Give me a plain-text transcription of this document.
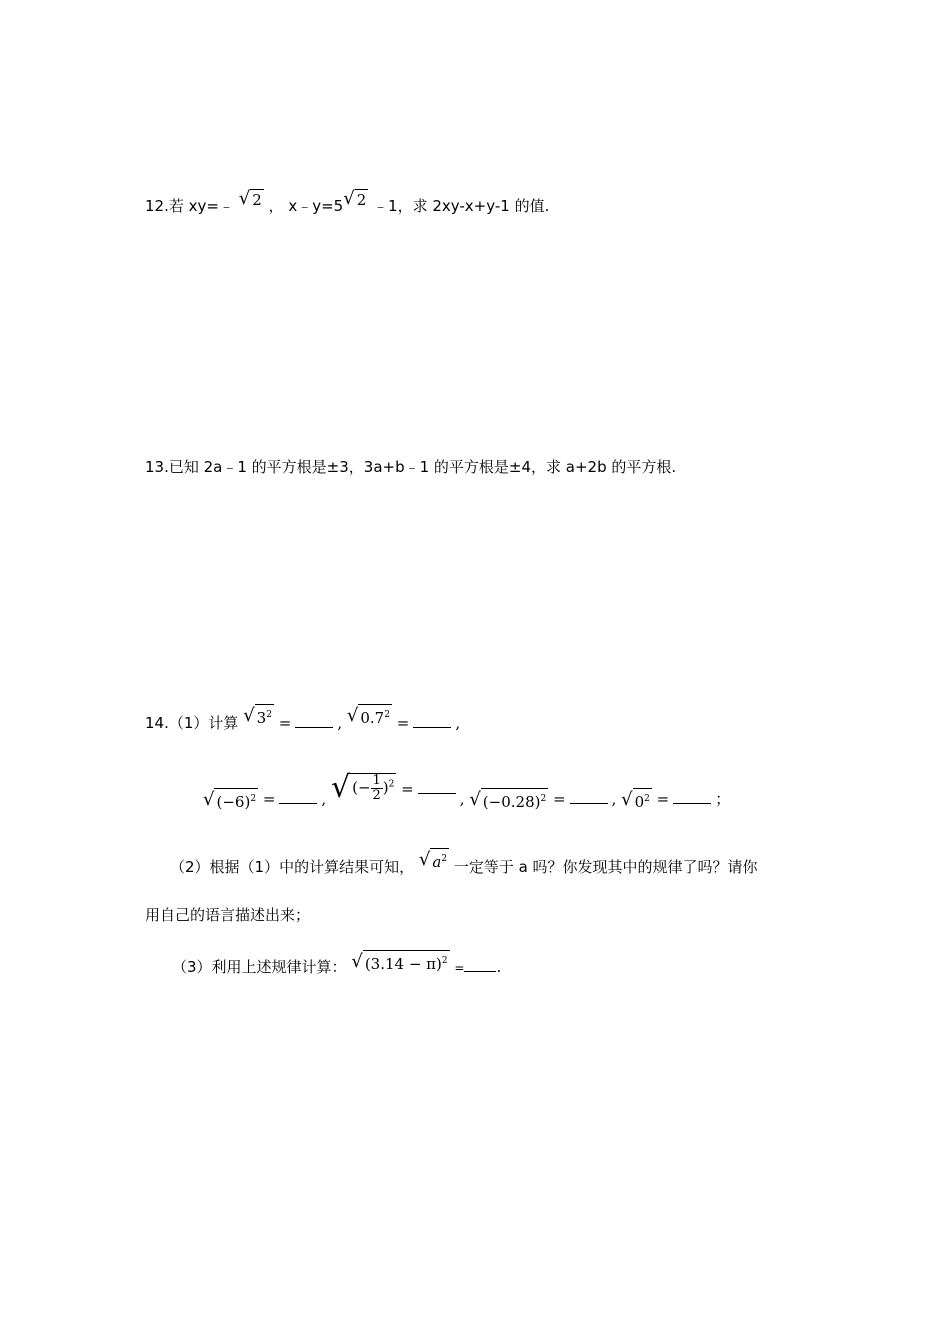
12.若 xy=﹣ √ 2 ， x﹣y=5√ 2 ﹣1，求 2xy-x+y-1 的值.
13.已知 2a﹣1 的平方根是±3，3a+b﹣1 的平方根是±4，求 a+2b 的平方根.
14.（1）计算 √ $3^2$ =	, √ $0.7^2$ =	,
√ $(-6)^2$ =	, √ (− $\frac{1}{2} )^2$ =, √ $(-0.28)^2$ =	, √ $0^2$ =	；
（2）根据（1）中的计算结果可知， √ $a^2$ 一定等于 a 吗？你发现其中的规律了吗？请你
用自己的语言描述出来；
（3）利用上述规律计算： √ $(3.14 - \pi)^2$ = .
